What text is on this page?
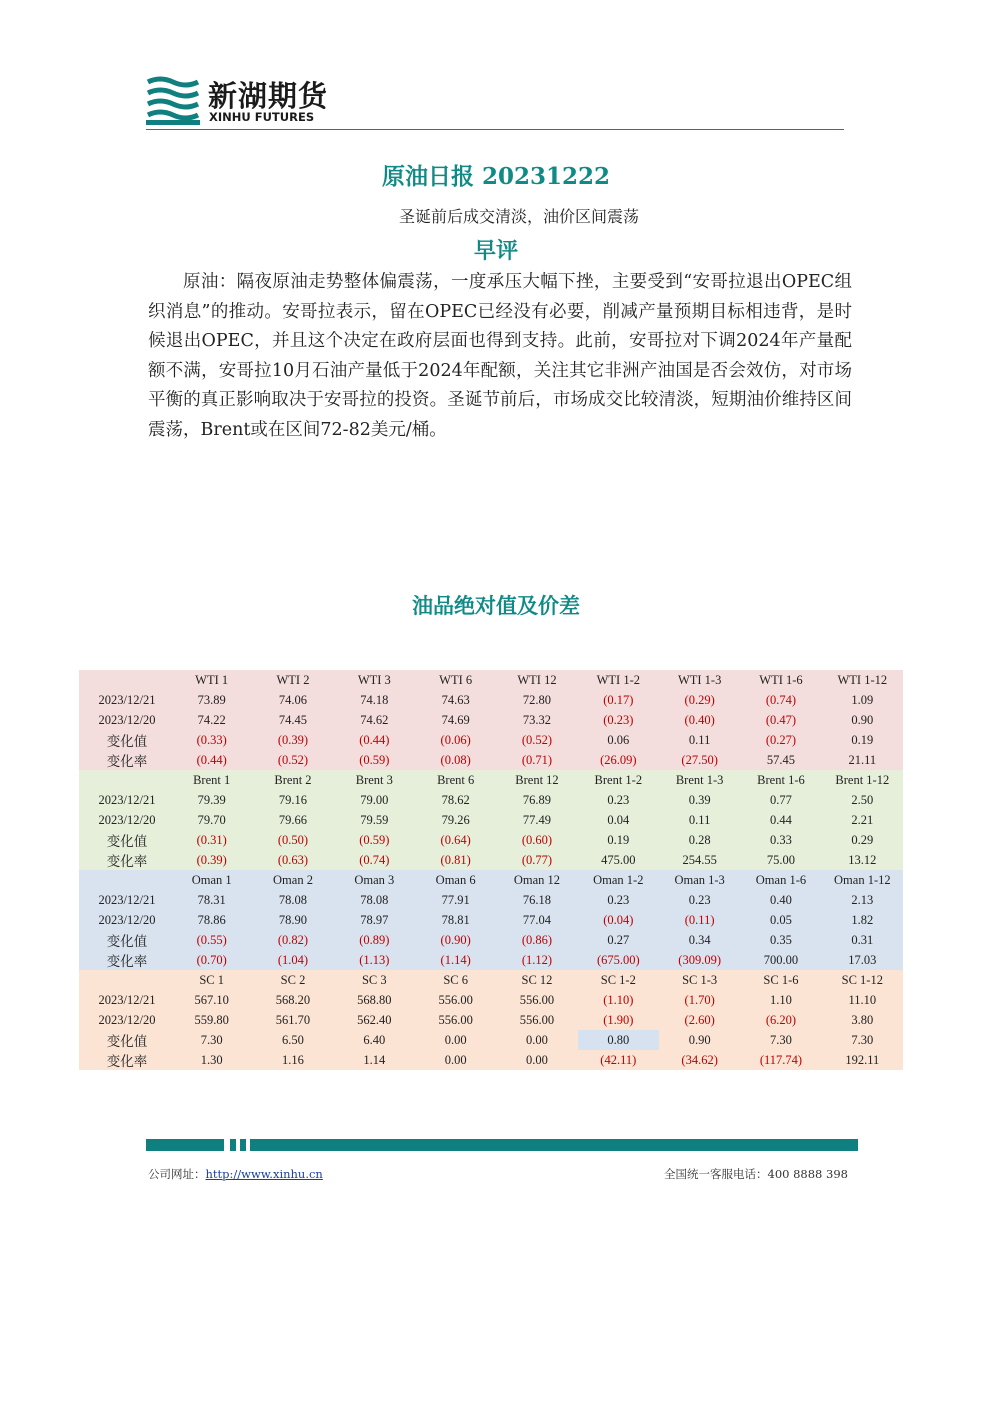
新湖期货
XINHU FUTURES
原油日报 20231222
圣诞前后成交清淡，油价区间震荡
早评
原油：隔夜原油走势整体偏震荡，一度承压大幅下挫，主要受到“安哥拉退出OPEC组织消息”的推动。安哥拉表示，留在OPEC已经没有必要，削减产量预期目标相违背，是时候退出OPEC，并且这个决定在政府层面也得到支持。此前，安哥拉对下调2024年产量配额不满，安哥拉10月石油产量低于2024年配额，关注其它非洲产油国是否会效仿，对市场平衡的真正影响取决于安哥拉的投资。圣诞节前后，市场成交比较清淡，短期油价维持区间震荡，Brent或在区间72-82美元/桶。
油品绝对值及价差
	WTI 1	WTI 2	WTI 3	WTI 6	WTI 12	WTI 1-2	WTI 1-3	WTI 1-6	WTI 1-12
2023/12/21	73.89	74.06	74.18	74.63	72.80	(0.17)	(0.29)	(0.74)	1.09
2023/12/20	74.22	74.45	74.62	74.69	73.32	(0.23)	(0.40)	(0.47)	0.90
变化值	(0.33)	(0.39)	(0.44)	(0.06)	(0.52)	0.06	0.11	(0.27)	0.19
变化率	(0.44)	(0.52)	(0.59)	(0.08)	(0.71)	(26.09)	(27.50)	57.45	21.11
	Brent 1	Brent 2	Brent 3	Brent 6	Brent 12	Brent 1-2	Brent 1-3	Brent 1-6	Brent 1-12
2023/12/21	79.39	79.16	79.00	78.62	76.89	0.23	0.39	0.77	2.50
2023/12/20	79.70	79.66	79.59	79.26	77.49	0.04	0.11	0.44	2.21
变化值	(0.31)	(0.50)	(0.59)	(0.64)	(0.60)	0.19	0.28	0.33	0.29
变化率	(0.39)	(0.63)	(0.74)	(0.81)	(0.77)	475.00	254.55	75.00	13.12
	Oman 1	Oman 2	Oman 3	Oman 6	Oman 12	Oman 1-2	Oman 1-3	Oman 1-6	Oman 1-12
2023/12/21	78.31	78.08	78.08	77.91	76.18	0.23	0.23	0.40	2.13
2023/12/20	78.86	78.90	78.97	78.81	77.04	(0.04)	(0.11)	0.05	1.82
变化值	(0.55)	(0.82)	(0.89)	(0.90)	(0.86)	0.27	0.34	0.35	0.31
变化率	(0.70)	(1.04)	(1.13)	(1.14)	(1.12)	(675.00)	(309.09)	700.00	17.03
	SC 1	SC 2	SC 3	SC 6	SC 12	SC 1-2	SC 1-3	SC 1-6	SC 1-12
2023/12/21	567.10	568.20	568.80	556.00	556.00	(1.10)	(1.70)	1.10	11.10
2023/12/20	559.80	561.70	562.40	556.00	556.00	(1.90)	(2.60)	(6.20)	3.80
变化值	7.30	6.50	6.40	0.00	0.00	0.80	0.90	7.30	7.30
变化率	1.30	1.16	1.14	0.00	0.00	(42.11)	(34.62)	(117.74)	192.11
公司网址：http://www.xinhu.cn	全国统一客服电话：400 8888 398
